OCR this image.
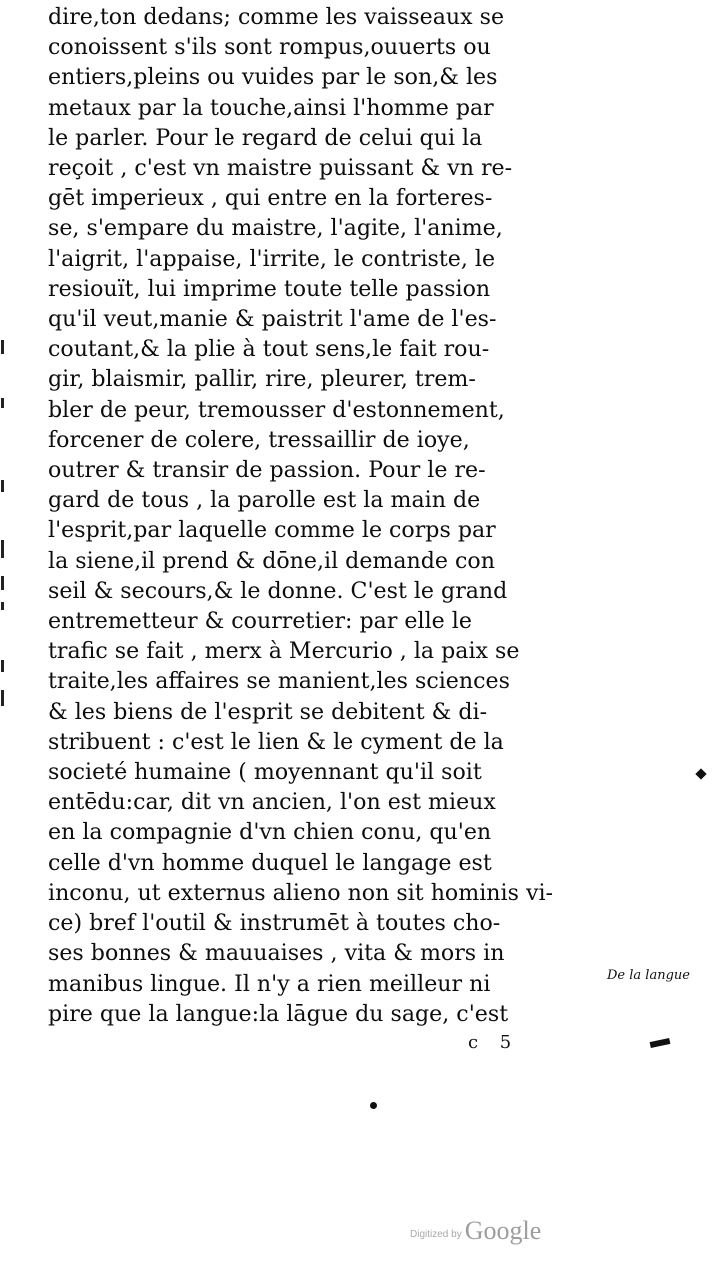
dire,ton dedans; comme les vaisseaux se
conoissent s'ils sont rompus,ouuerts ou
entiers,pleins ou vuides par le son,& les
metaux par la touche,ainsi l'homme par
le parler. Pour le regard de celui qui la
reçoit , c'est vn maistre puissant & vn re-
gēt imperieux , qui entre en la forteres-
se, s'empare du maistre, l'agite, l'anime,
l'aigrit, l'appaise, l'irrite, le contriste, le
resiouït, lui imprime toute telle passion
qu'il veut,manie & paistrit l'ame de l'es-
coutant,& la plie à tout sens,le fait rou-
gir, blaismir, pallir, rire, pleurer, trem-
bler de peur, tremousser d'estonnement,
forcener de colere, tressaillir de ioye,
outrer & transir de passion. Pour le re-
gard de tous , la parolle est la main de
l'esprit,par laquelle comme le corps par
la siene,il prend & dōne,il demande con
seil & secours,& le donne. C'est le grand
entremetteur & courretier: par elle le
trafic se fait , merx à Mercurio , la paix se
traite,les affaires se manient,les sciences
& les biens de l'esprit se debitent & di-
stribuent : c'est le lien & le cyment de la
societé humaine ( moyennant qu'il soit
entēdu:car, dit vn ancien, l'on est mieux
en la compagnie d'vn chien conu, qu'en
celle d'vn homme duquel le langage est
inconu, ut externus alieno non sit hominis vi-
ce) bref l'outil & instrumēt à toutes cho-
ses bonnes & mauuaises , vita & mors in
manibus lingue. Il n'y a rien meilleur ni
pire que la langue:la lāgue du sage, c'est
De la langue
c 5
Digitized by Google
